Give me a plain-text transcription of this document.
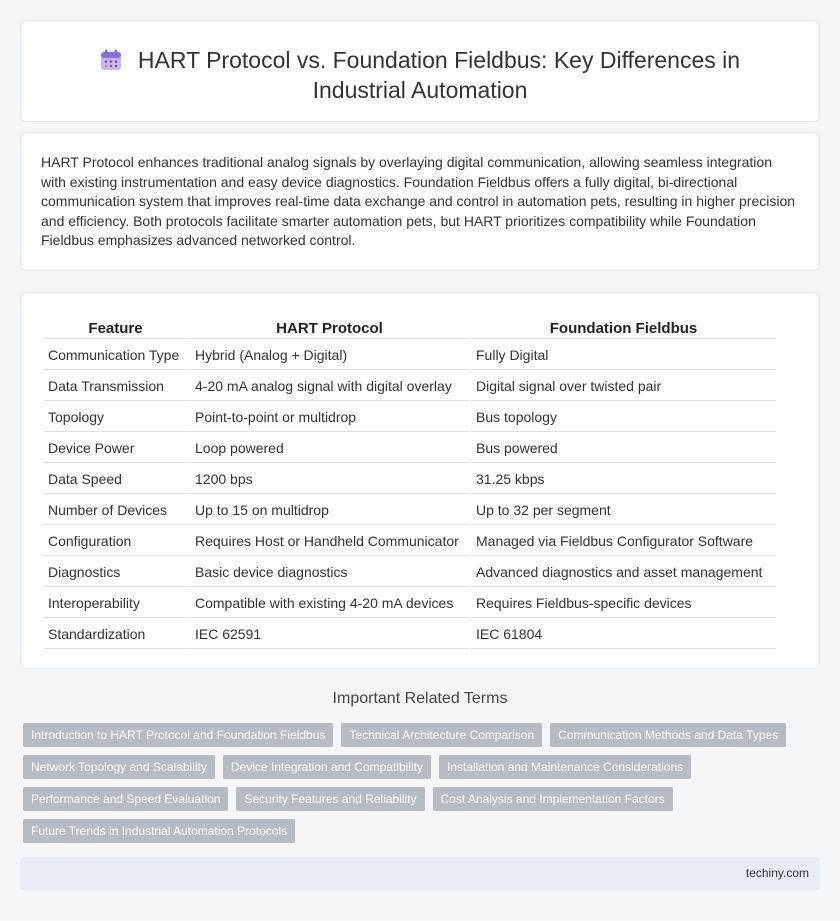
HART Protocol vs. Foundation Fieldbus: Key Differences in
Industrial Automation

HART Protocol enhances traditional analog signals by overlaying digital communication, allowing seamless integration with existing instrumentation and easy device diagnostics. Foundation Fieldbus offers a fully digital, bi-directional communication system that improves real-time data exchange and control in automation pets, resulting in higher precision and efficiency. Both protocols facilitate smarter automation pets, but HART prioritizes compatibility while Foundation Fieldbus emphasizes advanced networked control.

Feature	HART Protocol	Foundation Fieldbus
Communication Type	Hybrid (Analog + Digital)	Fully Digital
Data Transmission	4-20 mA analog signal with digital overlay	Digital signal over twisted pair
Topology	Point-to-point or multidrop	Bus topology
Device Power	Loop powered	Bus powered
Data Speed	1200 bps	31.25 kbps
Number of Devices	Up to 15 on multidrop	Up to 32 per segment
Configuration	Requires Host or Handheld Communicator	Managed via Fieldbus Configurator Software
Diagnostics	Basic device diagnostics	Advanced diagnostics and asset management
Interoperability	Compatible with existing 4-20 mA devices	Requires Fieldbus-specific devices
Standardization	IEC 62591	IEC 61804
Important Related Terms
Introduction to HART Protocol and Foundation Fieldbus	Technical Architecture Comparison	Communication Methods and Data Types
Network Topology and Scalability	Device Integration and Compatibility	Installation and Maintenance Considerations
Performance and Speed Evaluation	Security Features and Reliability	Cost Analysis and Implementation Factors
Future Trends in Industrial Automation Protocols
techiny.com
